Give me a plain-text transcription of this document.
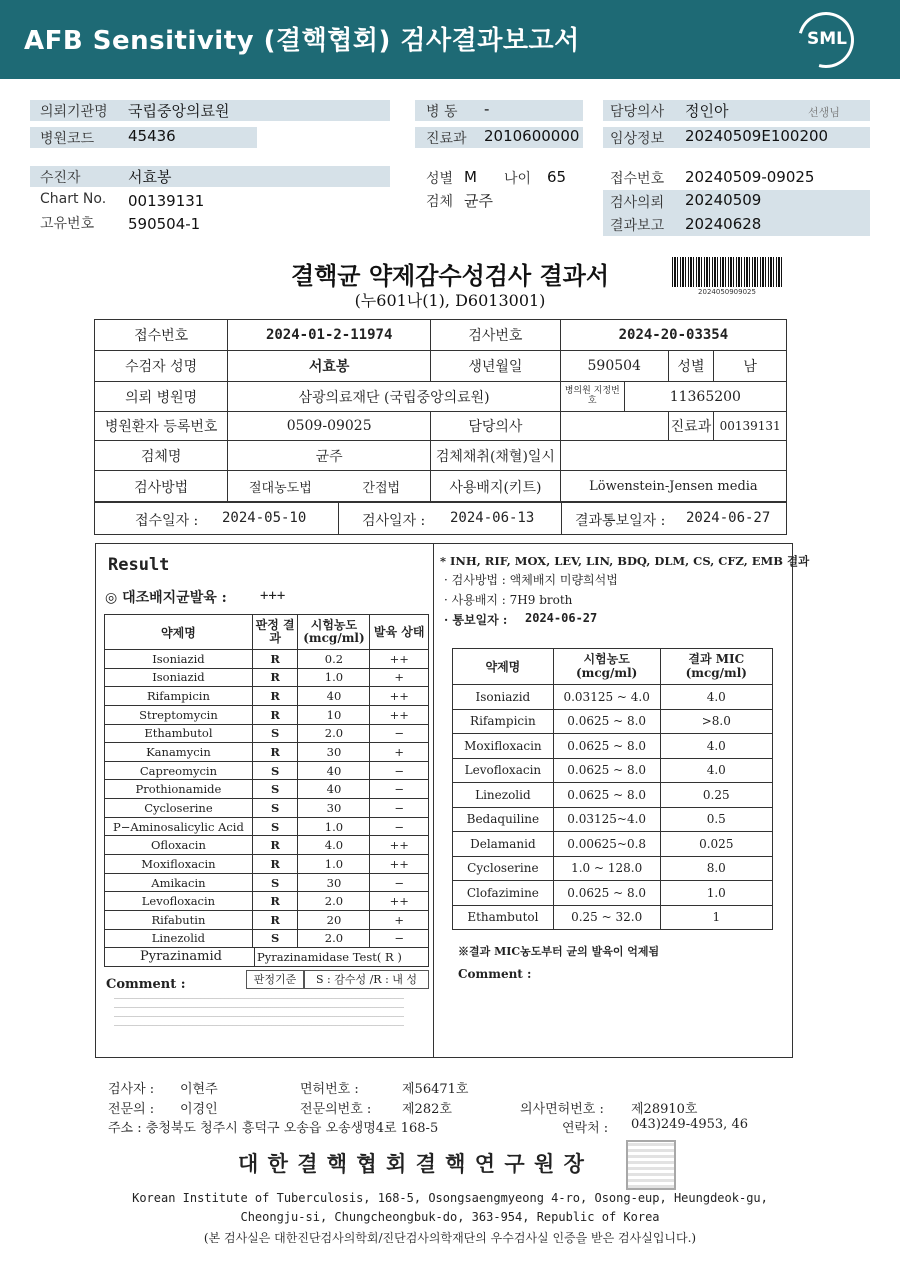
AFB Sensitivity (결핵협회) 검사결과보고서	SML
의뢰기관명 국립중앙의료원
병원코드 45436
수진자	서효봉
Chart No. 00139131
고유번호 590504-1
병 동 -
진료과 2010600000
성별 M 나이 65
검체 균주
담당의사 정인아	선생님
임상정보 20240509E100200
접수번호 20240509-09025
검사의뢰 20240509
결과보고 20240628
결핵균 약제감수성검사 결과서
(누601나(1), D6013001)	2024050909025
접수번호	2024-01-2-11974		검사번호	2024-20-03354			
수검자 성명	서효봉		생년월일	590504		성별	남
의뢰 병원명	삼광의료재단 (국립중앙의료원)			병의원 지정번호	11365200		
병원환자 등록번호	0509-09025		담당의사			진료과	00139131
검체명	균주		검체채취(채혈)일시				
검사방법	절대농도법	간접법	사용배지(키트)	Löwenstein-Jensen media			
접수일자 : 2024-05-10	검사일자 : 2024-06-13	결과통보일자 : 2024-06-27
Result
◎ 대조배지균발육 : +++
약제명	판정 결과	시험농도 (mcg/ml)	발육 상태
Isoniazid	R	0.2	++
Isoniazid	R	1.0	+
Rifampicin	R	40	++
Streptomycin	R	10	++
Ethambutol	S	2.0	−
Kanamycin	R	30	+
Capreomycin	S	40	−
Prothionamide	S	40	−
Cycloserine	S	30	−
P−Aminosalicylic Acid	S	1.0	−
Ofloxacin	R	4.0	++
Moxifloxacin	R	1.0	++
Amikacin	S	30	−
Levofloxacin	R	2.0	++
Rifabutin	R	20	+
Linezolid	S	2.0	−
Pyrazinamid	Pyrazinamidase Test( R )
Comment :	판정기준	S : 감수성 /R : 내 성
* INH, RIF, MOX, LEV, LIN, BDQ, DLM, CS, CFZ, EMB 결과
· 검사방법 : 액체배지 미량희석법
· 사용배지 : 7H9 broth
· 통보일자 : 2024-06-27
약제명	시험농도 (mcg/ml)	결과 MIC (mcg/ml)
Isoniazid	0.03125 ~ 4.0	4.0
Rifampicin	0.0625 ~ 8.0	>8.0
Moxifloxacin	0.0625 ~ 8.0	4.0
Levofloxacin	0.0625 ~ 8.0	4.0
Linezolid	0.0625 ~ 8.0	0.25
Bedaquiline	0.03125~4.0	0.5
Delamanid	0.00625~0.8	0.025
Cycloserine	1.0 ~ 128.0	8.0
Clofazimine	0.0625 ~ 8.0	1.0
Ethambutol	0.25 ~ 32.0	1
※결과 MIC농도부터 균의 발육이 억제됨
Comment :
검사자 : 이현주	면허번호 :	제56471호
전문의 : 이경인	전문의번호 : 제282호	의사면허번호 : 제28910호
주소 : 충청북도 청주시 흥덕구 오송읍 오송생명4로 168-5	연락처 : 043)249-4953, 46
대 한 결 핵 협 회 결 핵 연 구 원 장
Korean Institute of Tuberculosis, 168-5, Osongsaengmyeong 4-ro, Osong-eup, Heungdeok-gu,
Cheongju-si, Chungcheongbuk-do, 363-954, Republic of Korea
(본 검사실은 대한진단검사의학회/진단검사의학재단의 우수검사실 인증을 받은 검사실입니다.)
